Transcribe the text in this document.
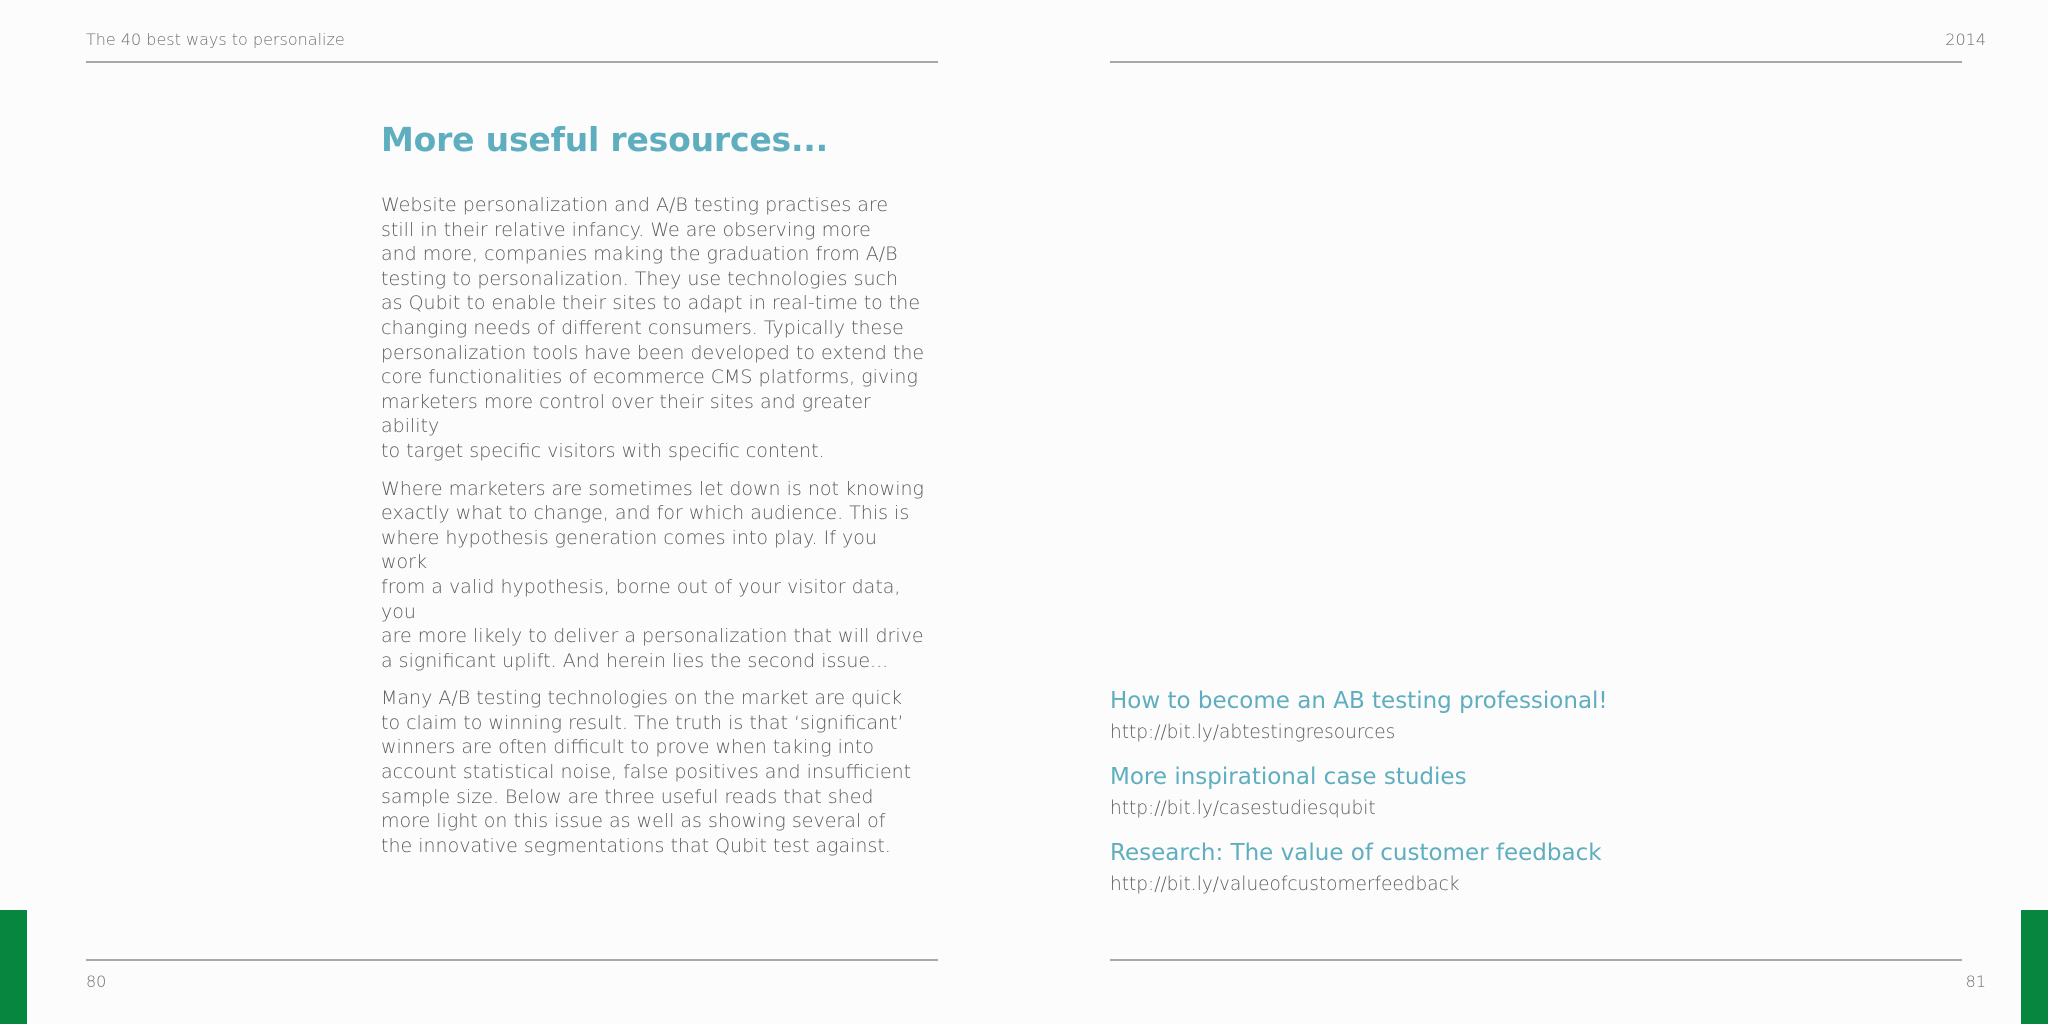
The 40 best ways to personalize
More useful resources...

Website personalization and A/B testing practises are
still in their relative infancy. We are observing more
and more, companies making the graduation from A/B
testing to personalization. They use technologies such
as Qubit to enable their sites to adapt in real-time to the
changing needs of different consumers. Typically these
personalization tools have been developed to extend the
core functionalities of ecommerce CMS platforms, giving
marketers more control over their sites and greater ability
to target specific visitors with specific content.

Where marketers are sometimes let down is not knowing
exactly what to change, and for which audience. This is
where hypothesis generation comes into play. If you work
from a valid hypothesis, borne out of your visitor data, you
are more likely to deliver a personalization that will drive
a significant uplift. And herein lies the second issue...

Many A/B testing technologies on the market are quick
to claim to winning result. The truth is that ‘significant’
winners are often difficult to prove when taking into
account statistical noise, false positives and insufficient
sample size. Below are three useful reads that shed
more light on this issue as well as showing several of
the innovative segmentations that Qubit test against.

80
2014
How to become an AB testing professional!
http://bit.ly/abtestingresources
More inspirational case studies
http://bit.ly/casestudiesqubit
Research: The value of customer feedback
http://bit.ly/valueofcustomerfeedback
81
